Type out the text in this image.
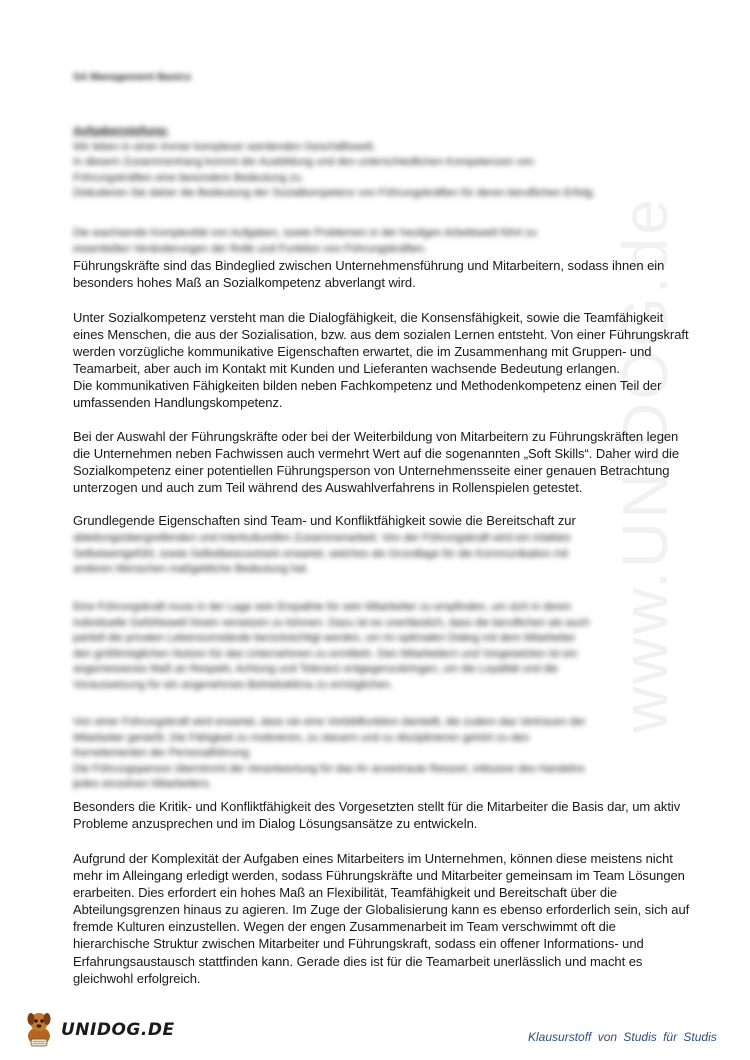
www.UNIDOG.de

SA Management Basics

Aufgabenstellung:
Wir leben in einer immer komplexer werdenden Geschäftswelt.
In diesem Zusammenhang kommt der Ausbildung und den unterschiedlichen Kompetenzen von
Führungskräften eine besondere Bedeutung zu.
Diskutieren Sie daher die Bedeutung der Sozialkompetenz von Führungskräften für deren beruflichen Erfolg.
Die wachsende Komplexität von Aufgaben, sowie Problemen in der heutigen Arbeitswelt führt zu
essentiellen Veränderungen der Rolle und Funktion von Führungskräften.
Führungskräfte sind das Bindeglied zwischen Unternehmensführung und Mitarbeitern, sodass ihnen ein
besonders hohes Maß an Sozialkompetenz abverlangt wird.
Unter Sozialkompetenz versteht man die Dialogfähigkeit, die Konsensfähigkeit, sowie die Teamfähigkeit
eines Menschen, die aus der Sozialisation, bzw. aus dem sozialen Lernen entsteht. Von einer Führungskraft
werden vorzügliche kommunikative Eigenschaften erwartet, die im Zusammenhang mit Gruppen- und
Teamarbeit, aber auch im Kontakt mit Kunden und Lieferanten wachsende Bedeutung erlangen.
Die kommunikativen Fähigkeiten bilden neben Fachkompetenz und Methodenkompetenz einen Teil der
umfassenden Handlungskompetenz.
Bei der Auswahl der Führungskräfte oder bei der Weiterbildung von Mitarbeitern zu Führungskräften legen
die Unternehmen neben Fachwissen auch vermehrt Wert auf die sogenannten „Soft Skills“. Daher wird die
Sozialkompetenz einer potentiellen Führungsperson von Unternehmensseite einer genauen Betrachtung
unterzogen und auch zum Teil während des Auswahlverfahrens in Rollenspielen getestet.
Grundlegende Eigenschaften sind Team- und Konfliktfähigkeit sowie die Bereitschaft zur
abteilungsübergreifenden und interkulturellen Zusammenarbeit. Von der Führungskraft wird ein intaktes
Selbstwertgefühl, sowie Selbstbewusstsein erwartet, welches als Grundlage für die Kommunikation mit
anderen Menschen maßgebliche Bedeutung hat.
Eine Führungskraft muss in der Lage sein Empathie für sein Mitarbeiter zu empfinden, um sich in deren
individuelle Gefühlswelt hinein versetzen zu können. Dazu ist es unerlässlich, dass die beruflichen als auch
partiell die privaten Lebensumstände berücksichtigt werden, um im optimalen Dialog mit dem Mitarbeiter
den größtmöglichen Nutzen für das Unternehmen zu ermitteln. Den Mitarbeitern und Vorgesetzten ist ein
angemessenes Maß an Respekt, Achtung und Toleranz entgegenzubringen, um die Loyalität und die
Voraussetzung für ein angenehmes Betriebsklima zu ermöglichen.
Von einer Führungskraft wird erwartet, dass sie eine Vorbildfunktion darstellt, die zudem das Vertrauen der
Mitarbeiter genießt. Die Fähigkeit zu motivieren, zu steuern und zu disziplinieren gehört zu den
Kernelementen der Personalführung.
Die Führungsperson übernimmt die Verantwortung für das ihr anvertraute Ressort, inklusive des Handelns
jedes einzelnen Mitarbeiters.
Besonders die Kritik- und Konfliktfähigkeit des Vorgesetzten stellt für die Mitarbeiter die Basis dar, um aktiv
Probleme anzusprechen und im Dialog Lösungsansätze zu entwickeln.
Aufgrund der Komplexität der Aufgaben eines Mitarbeiters im Unternehmen, können diese meistens nicht
mehr im Alleingang erledigt werden, sodass Führungskräfte und Mitarbeiter gemeinsam im Team Lösungen
erarbeiten. Dies erfordert ein hohes Maß an Flexibilität, Teamfähigkeit und Bereitschaft über die
Abteilungsgrenzen hinaus zu agieren. Im Zuge der Globalisierung kann es ebenso erforderlich sein, sich auf
fremde Kulturen einzustellen. Wegen der engen Zusammenarbeit im Team verschwimmt oft die
hierarchische Struktur zwischen Mitarbeiter und Führungskraft, sodass ein offener Informations- und
Erfahrungsaustausch stattfinden kann. Gerade dies ist für die Teamarbeit unerlässlich und macht es
gleichwohl erfolgreich.
UNIDOG.DE	Klausurstoff von Studis für Studis
